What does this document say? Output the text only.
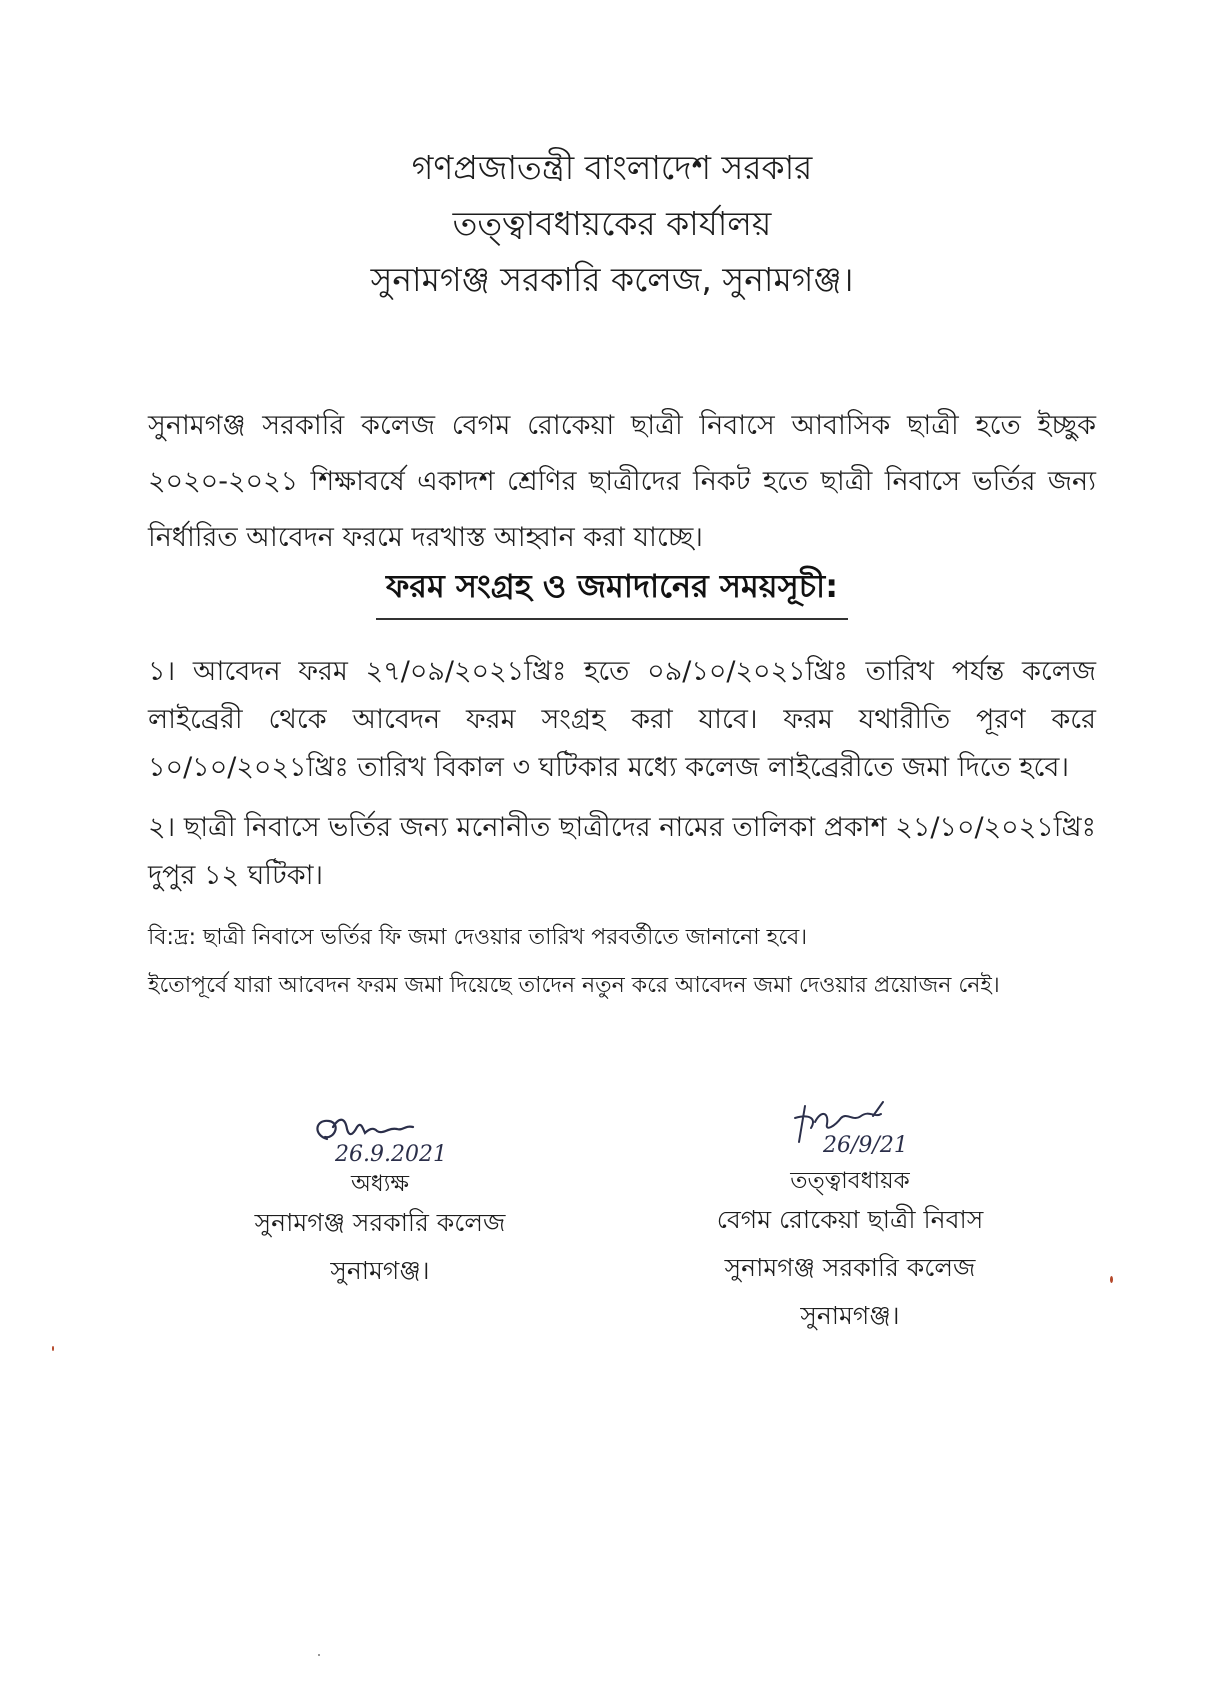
গণপ্রজাতন্ত্রী বাংলাদেশ সরকার
তত্ত্বাবধায়কের কার্যালয়
সুনামগঞ্জ সরকারি কলেজ, সুনামগঞ্জ।
সুনামগঞ্জ সরকারি কলেজ বেগম রোকেয়া ছাত্রী নিবাসে আবাসিক ছাত্রী হতে ইচ্ছুক ২০২০-২০২১ শিক্ষাবর্ষে একাদশ শ্রেণির ছাত্রীদের নিকট হতে ছাত্রী নিবাসে ভর্তির জন্য নির্ধারিত আবেদন ফরমে দরখাস্ত আহ্বান করা যাচ্ছে।
ফরম সংগ্রহ ও জমাদানের সময়সূচী:
১। আবেদন ফরম ২৭/০৯/২০২১খ্রিঃ হতে ০৯/১০/২০২১খ্রিঃ তারিখ পর্যন্ত কলেজ লাইব্রেরী থেকে আবেদন ফরম সংগ্রহ করা যাবে। ফরম যথারীতি পূরণ করে ১০/১০/২০২১খ্রিঃ তারিখ বিকাল ৩ ঘটিকার মধ্যে কলেজ লাইব্রেরীতে জমা দিতে হবে।
২। ছাত্রী নিবাসে ভর্তির জন্য মনোনীত ছাত্রীদের নামের তালিকা প্রকাশ ২১/১০/২০২১খ্রিঃ দুপুর ১২ ঘটিকা।
বি:দ্র: ছাত্রী নিবাসে ভর্তির ফি জমা দেওয়ার তারিখ পরবর্তীতে জানানো হবে।
ইতোপূর্বে যারা আবেদন ফরম জমা দিয়েছে তাদেন নতুন করে আবেদন জমা দেওয়ার প্রয়োজন নেই।
26.9.2021
অধ্যক্ষ
সুনামগঞ্জ সরকারি কলেজ
সুনামগঞ্জ।
26/9/21
তত্ত্বাবধায়ক
বেগম রোকেয়া ছাত্রী নিবাস
সুনামগঞ্জ সরকারি কলেজ
সুনামগঞ্জ।
